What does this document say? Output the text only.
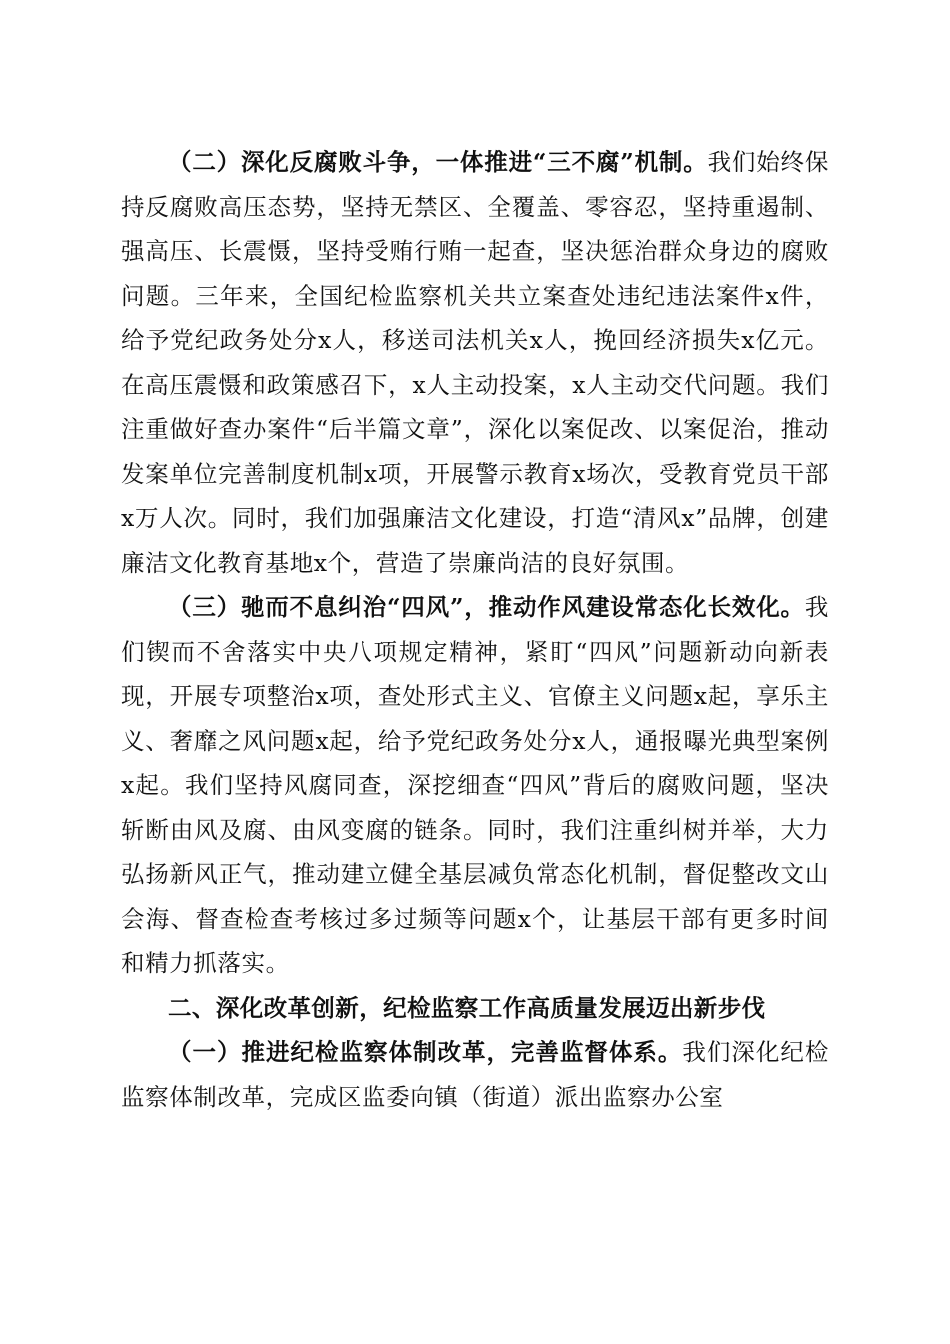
（二）深化反腐败斗争，一体推进“三不腐”机制。我们始终保持反腐败高压态势，坚持无禁区、全覆盖、零容忍，坚持重遏制、强高压、长震慑，坚持受贿行贿一起查，坚决惩治群众身边的腐败问题。三年来，全国纪检监察机关共立案查处违纪违法案件x件，给予党纪政务处分x人，移送司法机关x人，挽回经济损失x亿元。在高压震慑和政策感召下，x人主动投案，x人主动交代问题。我们注重做好查办案件“后半篇文章”，深化以案促改、以案促治，推动发案单位完善制度机制x项，开展警示教育x场次，受教育党员干部x万人次。同时，我们加强廉洁文化建设，打造“清风x”品牌，创建廉洁文化教育基地x个，营造了崇廉尚洁的良好氛围。

（三）驰而不息纠治“四风”，推动作风建设常态化长效化。我们锲而不舍落实中央八项规定精神，紧盯“四风”问题新动向新表现，开展专项整治x项，查处形式主义、官僚主义问题x起，享乐主义、奢靡之风问题x起，给予党纪政务处分x人，通报曝光典型案例x起。我们坚持风腐同查，深挖细查“四风”背后的腐败问题，坚决斩断由风及腐、由风变腐的链条。同时，我们注重纠树并举，大力弘扬新风正气，推动建立健全基层减负常态化机制，督促整改文山会海、督查检查考核过多过频等问题x个，让基层干部有更多时间和精力抓落实。

二、深化改革创新，纪检监察工作高质量发展迈出新步伐

（一）推进纪检监察体制改革，完善监督体系。我们深化纪检监察体制改革，完成区监委向镇（街道）派出监察办公室
